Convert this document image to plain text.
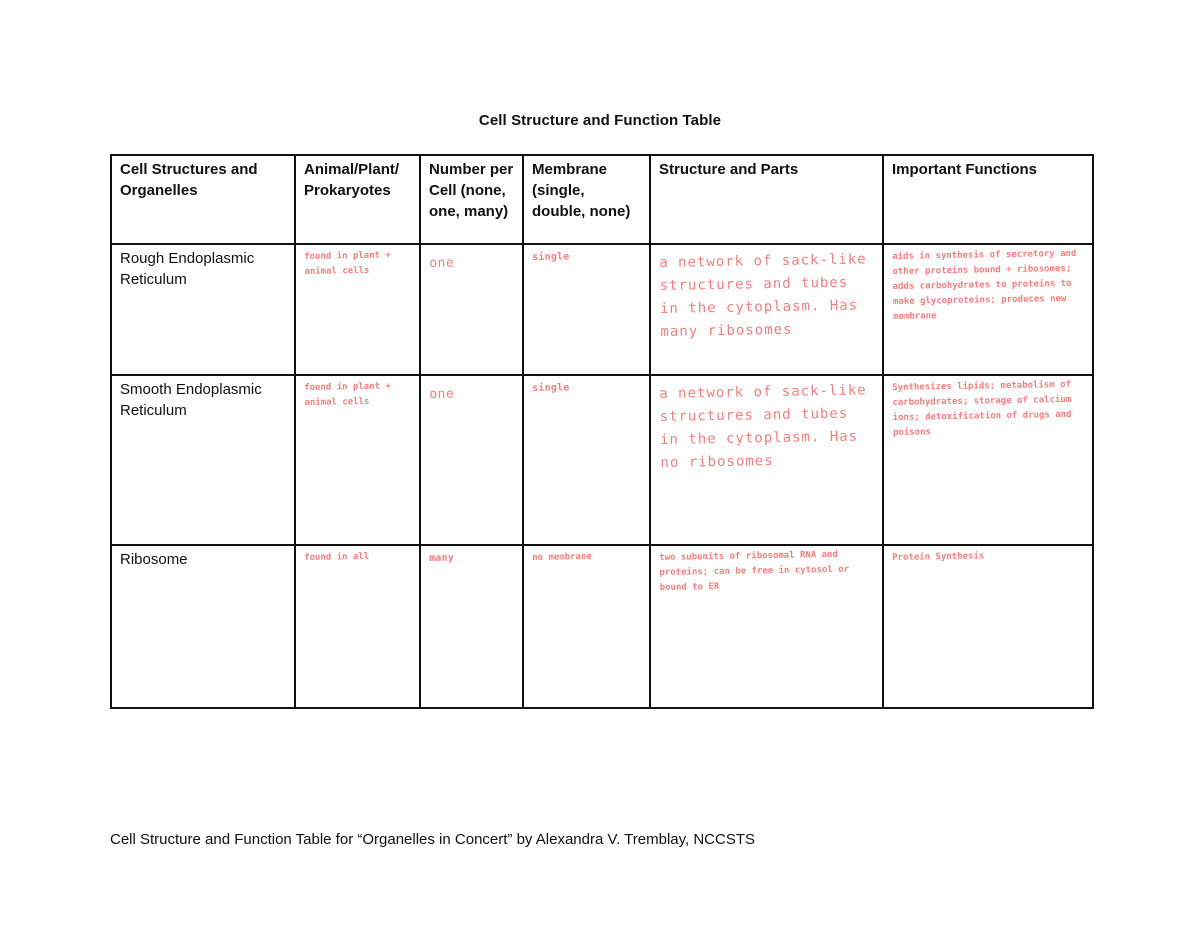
Cell Structure and Function Table
Cell Structures and Organelles	Animal/Plant/ Prokaryotes	Number per Cell (none, one, many)	Membrane (single, double, none)	Structure and Parts	Important Functions
Rough Endoplasmic Reticulum	found in plant + animal cells	one	single	a network of sack-like structures and tubes in the cytoplasm. Has many ribosomes	aids in synthesis of secretory and other proteins bound + ribosomes; adds carbohydrates to proteins to make glycoproteins; produces new membrane

Smooth Endoplasmic Reticulum	found in plant + animal cells	one	single	a network of sack-like structures and tubes in the cytoplasm. Has no ribosomes	Synthesizes lipids; metabolism of carbohydrates; storage of calcium ions; detoxification of drugs and poisons

Ribosome	found in all	many	no membrane	two subunits of ribosomal RNA and proteins; can be free in cytosol or bound to ER	Protein Synthesis
Cell Structure and Function Table for “Organelles in Concert” by Alexandra V. Tremblay, NCCSTS
